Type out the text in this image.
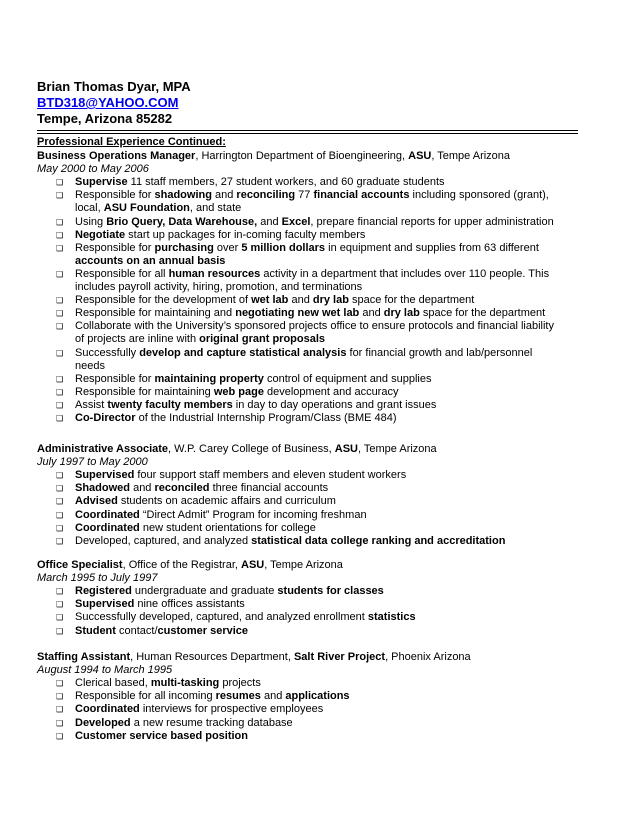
Brian Thomas Dyar, MPA
BTD318@YAHOO.COM
Tempe, Arizona 85282
Professional Experience Continued:
Business Operations Manager, Harrington Department of Bioengineering, ASU, Tempe Arizona
May 2000 to May 2006
❑ Supervise 11 staff members, 27 student workers, and 60 graduate students
❑ Responsible for shadowing and reconciling 77 financial accounts including sponsored (grant),
local, ASU Foundation, and state
❑ Using Brio Query, Data Warehouse, and Excel, prepare financial reports for upper administration
❑ Negotiate start up packages for in-coming faculty members
❑ Responsible for purchasing over 5 million dollars in equipment and supplies from 63 different
accounts on an annual basis
❑ Responsible for all human resources activity in a department that includes over 110 people. This
includes payroll activity, hiring, promotion, and terminations
❑ Responsible for the development of wet lab and dry lab space for the department
❑ Responsible for maintaining and negotiating new wet lab and dry lab space for the department
❑ Collaborate with the University’s sponsored projects office to ensure protocols and financial liability
of projects are inline with original grant proposals
❑ Successfully develop and capture statistical analysis for financial growth and lab/personnel
needs
❑ Responsible for maintaining property control of equipment and supplies
❑ Responsible for maintaining web page development and accuracy
❑ Assist twenty faculty members in day to day operations and grant issues
❑ Co-Director of the Industrial Internship Program/Class (BME 484)
Administrative Associate, W.P. Carey College of Business, ASU, Tempe Arizona
July 1997 to May 2000
❑ Supervised four support staff members and eleven student workers
❑ Shadowed and reconciled three financial accounts
❑ Advised students on academic affairs and curriculum
❑ Coordinated “Direct Admit” Program for incoming freshman
❑ Coordinated new student orientations for college
❑ Developed, captured, and analyzed statistical data college ranking and accreditation
Office Specialist, Office of the Registrar, ASU, Tempe Arizona
March 1995 to July 1997
❑ Registered undergraduate and graduate students for classes
❑ Supervised nine offices assistants
❑ Successfully developed, captured, and analyzed enrollment statistics
❑ Student contact/customer service
Staffing Assistant, Human Resources Department, Salt River Project, Phoenix Arizona
August 1994 to March 1995
❑ Clerical based, multi-tasking projects
❑ Responsible for all incoming resumes and applications
❑ Coordinated interviews for prospective employees
❑ Developed a new resume tracking database
❑ Customer service based position
